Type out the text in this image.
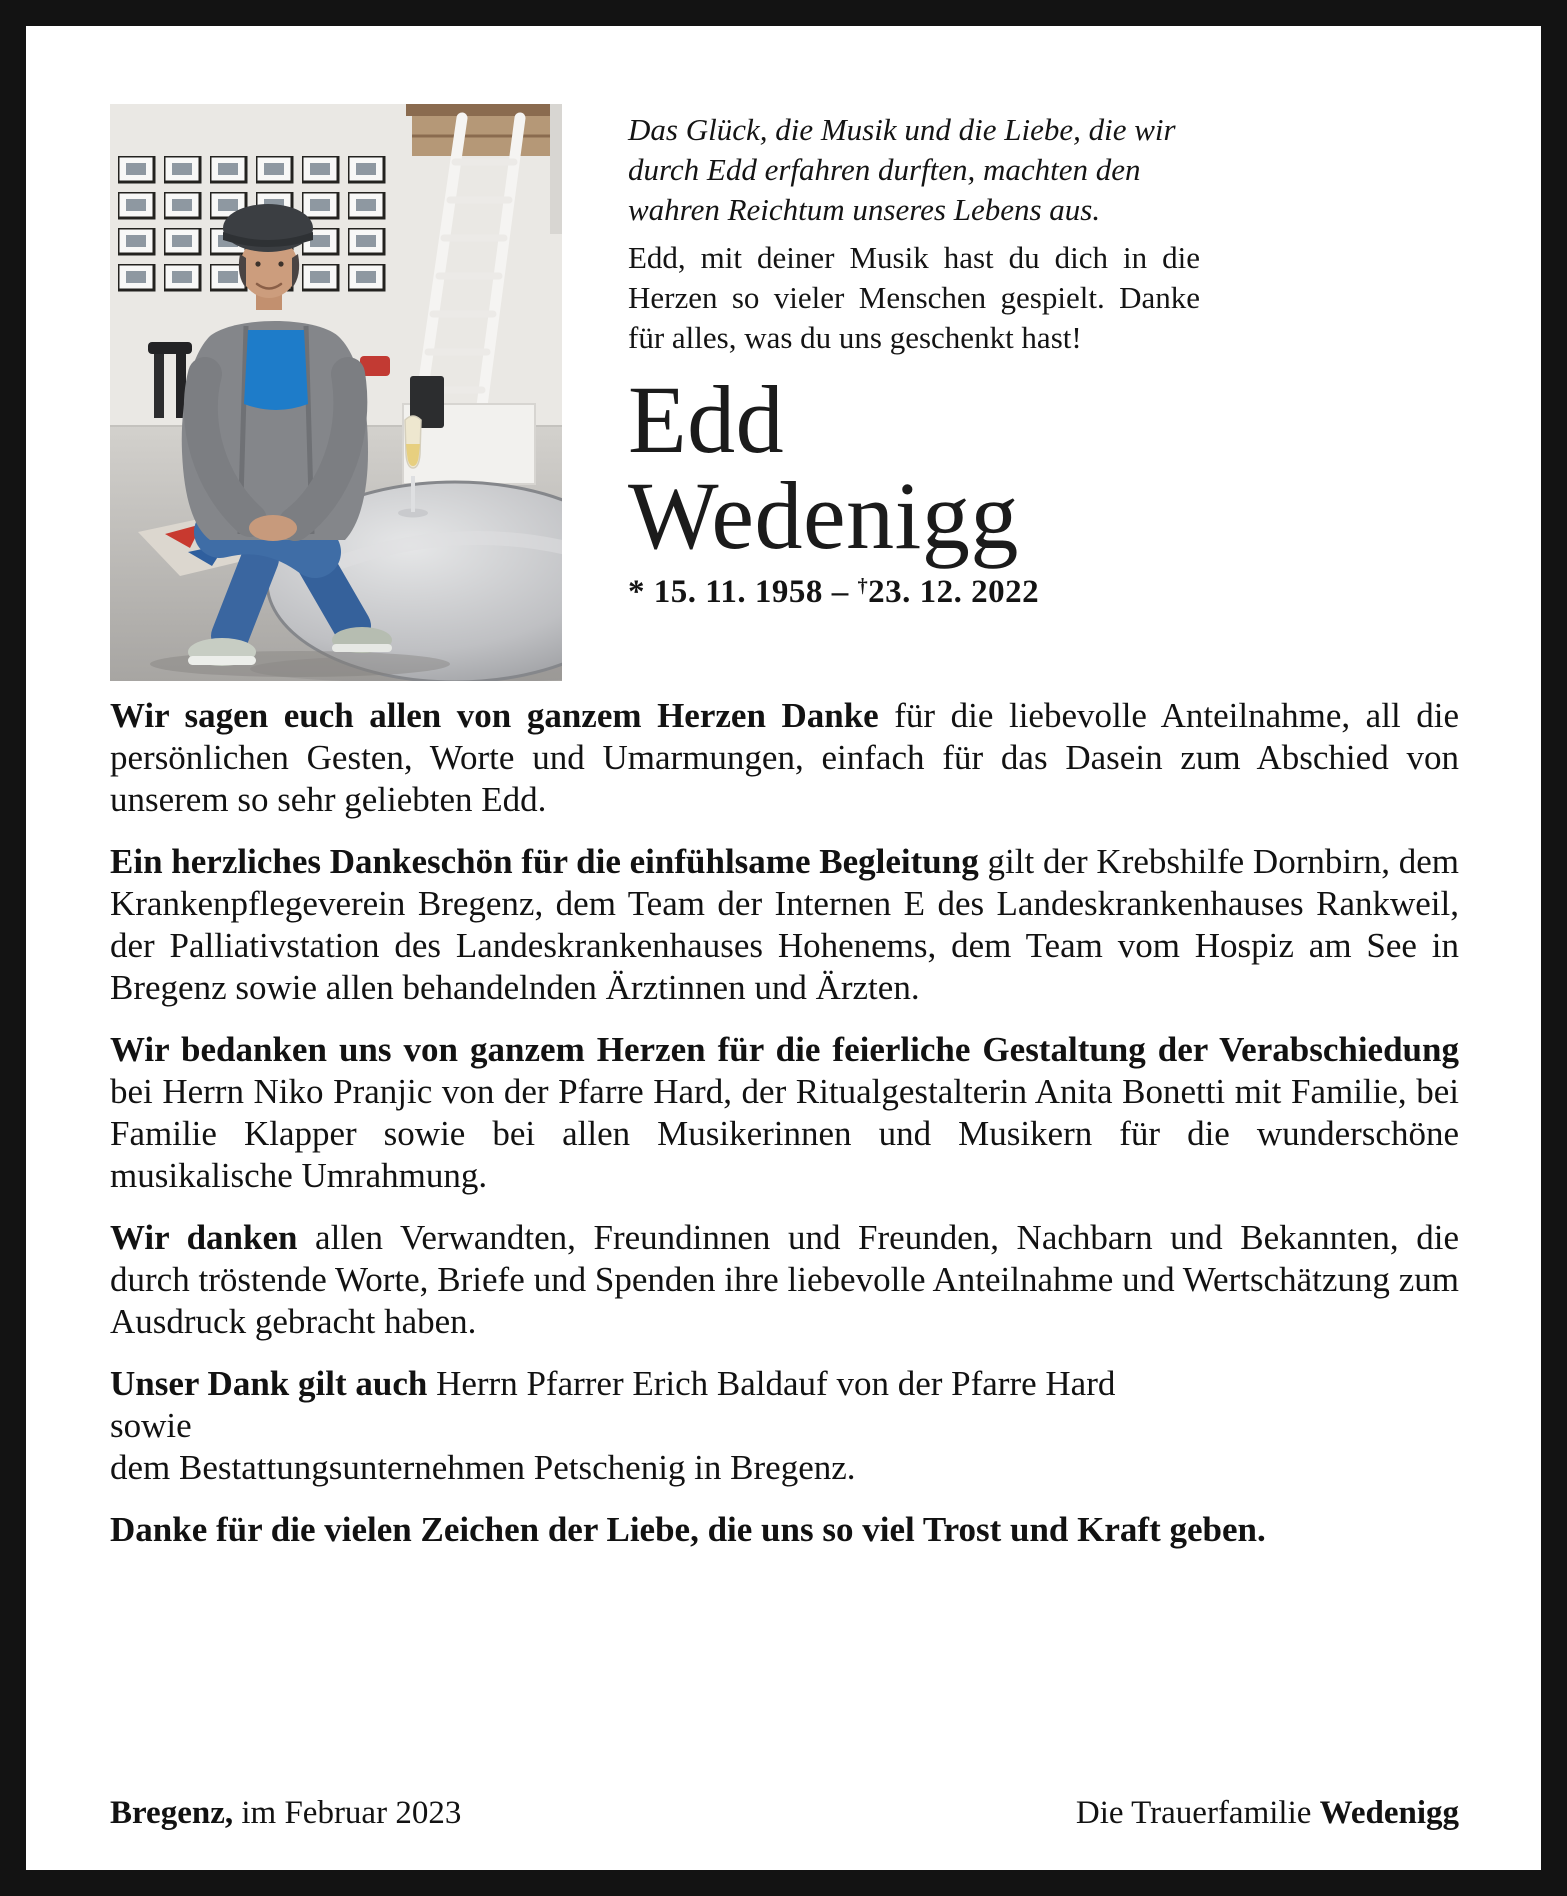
Das Glück, die Musik und die Liebe, die wir durch Edd erfahren durften, machten den wahren Reichtum unseres Lebens aus.

Edd, mit deiner Musik hast du dich in die Herzen so vieler Menschen gespielt. Danke für alles, was du uns geschenkt hast!

Edd
Wedenigg
* 15. 11. 1958 – †23. 12. 2022

Wir sagen euch allen von ganzem Herzen Danke für die liebevolle Anteilnahme, all die persönlichen Gesten, Worte und Umarmungen, einfach für das Dasein zum Abschied von unserem so sehr geliebten Edd.

Ein herzliches Dankeschön für die einfühlsame Begleitung gilt der Krebshilfe Dornbirn, dem Krankenpflegeverein Bregenz, dem Team der Internen E des Landeskrankenhauses Rankweil, der Palliativstation des Landeskrankenhauses Hohenems, dem Team vom Hospiz am See in Bregenz sowie allen behandelnden Ärztinnen und Ärzten.

Wir bedanken uns von ganzem Herzen für die feierliche Gestaltung der Verabschiedung bei Herrn Niko Pranjic von der Pfarre Hard, der Ritualgestalterin Anita Bonetti mit Familie, bei Familie Klapper sowie bei allen Musikerinnen und Musikern für die wunderschöne musikalische Umrahmung.

Wir danken allen Verwandten, Freundinnen und Freunden, Nachbarn und Bekannten, die durch tröstende Worte, Briefe und Spenden ihre liebevolle Anteilnahme und Wertschätzung zum Ausdruck gebracht haben.

Unser Dank gilt auch Herrn Pfarrer Erich Baldauf von der Pfarre Hard
sowie
dem Bestattungsunternehmen Petschenig in Bregenz.

Danke für die vielen Zeichen der Liebe, die uns so viel Trost und Kraft geben.

Bregenz, im Februar 2023	Die Trauerfamilie Wedenigg
